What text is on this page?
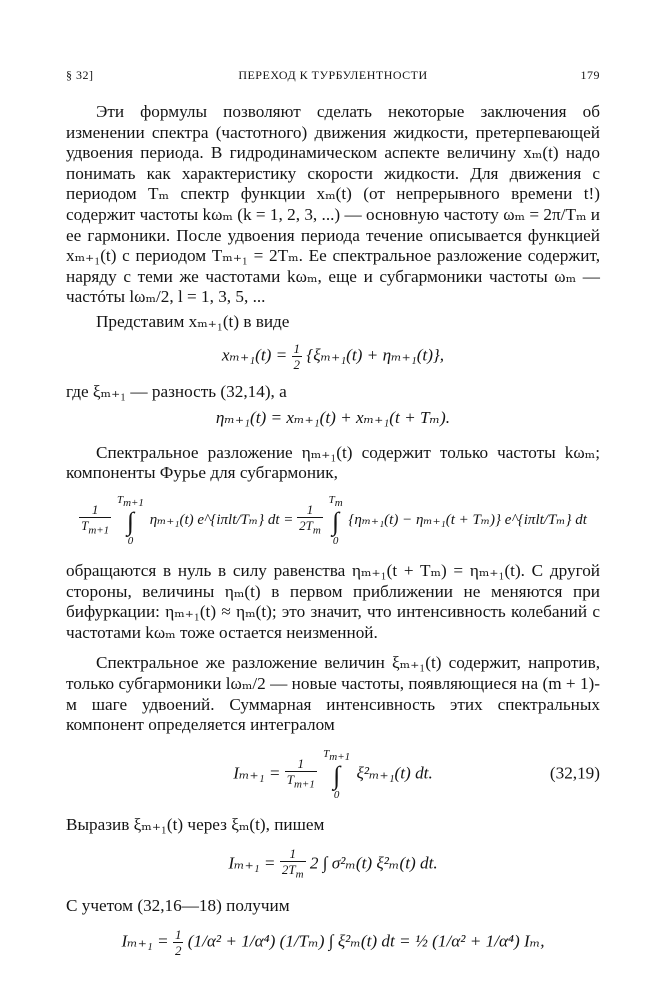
§ 32]	ПЕРЕХОД К ТУРБУЛЕНТНОСТИ	179

Эти формулы позволяют сделать некоторые заключения об изменении спектра (частотного) движения жидкости, претерпевающей удвоения периода. В гидродинамическом аспекте величину xₘ(t) надо понимать как характеристику скорости жидкости. Для движения с периодом Tₘ спектр функции xₘ(t) (от непрерывного времени t!) содержит частоты kωₘ (k = 1, 2, 3, ...) — основную частоту ωₘ = 2π/Tₘ и ее гармоники. После удвоения периода течение описывается функцией xₘ₊₁(t) с периодом Tₘ₊₁ = 2Tₘ. Ее спектральное разложение содержит, наряду с теми же частотами kωₘ, еще и субгармоники частоты ωₘ — частóты lωₘ/2, l = 1, 3, 5, ...

Представим xₘ₊₁(t) в виде

$x_{m+1}(t) = \frac{1}{2} \{\xi_{m+1}(t) + \eta_{m+1}(t)\}$,

где ξₘ₊₁ — разность (32,14), а

ηₘ₊₁(t) = xₘ₊₁(t) + xₘ₊₁(t + Tₘ).

Спектральное разложение ηₘ₊₁(t) содержит только частоты kωₘ; компоненты Фурье для субгармоник,

$\frac{1}{T_{m+1}}$
$T_{m+1}$
∫
0 ηₘ₊₁(t) e^{iπlt/Tₘ} dt = $\frac{1}{2T_m}$
$T_m$
∫
0 {ηₘ₊₁(t) − ηₘ₊₁(t + Tₘ)} e^{iπlt/Tₘ} dt

обращаются в нуль в силу равенства ηₘ₊₁(t + Tₘ) = ηₘ₊₁(t). С другой стороны, величины ηₘ(t) в первом приближении не меняются при бифуркации: ηₘ₊₁(t) ≈ ηₘ(t); это значит, что интенсивность колебаний с частотами kωₘ тоже остается неизменной.

Спектральное же разложение величин ξₘ₊₁(t) содержит, напротив, только субгармоники lωₘ/2 — новые частоты, появляющиеся на (m + 1)-м шаге удвоений. Суммарная интенсивность этих спектральных компонент определяется интегралом

$I_{m+1} = \frac{1}{T_{m+1}}$
$T_{m+1}$
∫
0 ξ²ₘ₊₁(t) dt.	(32,19)

Выразив ξₘ₊₁(t) через ξₘ(t), пишем

$I_{m+1} = \frac{1}{2T_m} 2$ ∫ σ²ₘ(t) ξ²ₘ(t) dt.

С учетом (32,16—18) получим

$I_{m+1} = \frac{1}{2} (1/\alpha^2 + 1/\alpha^4)$ (1/Tₘ) ∫ ξ²ₘ(t) dt = ½ (1/α² + 1/α⁴) Iₘ,
